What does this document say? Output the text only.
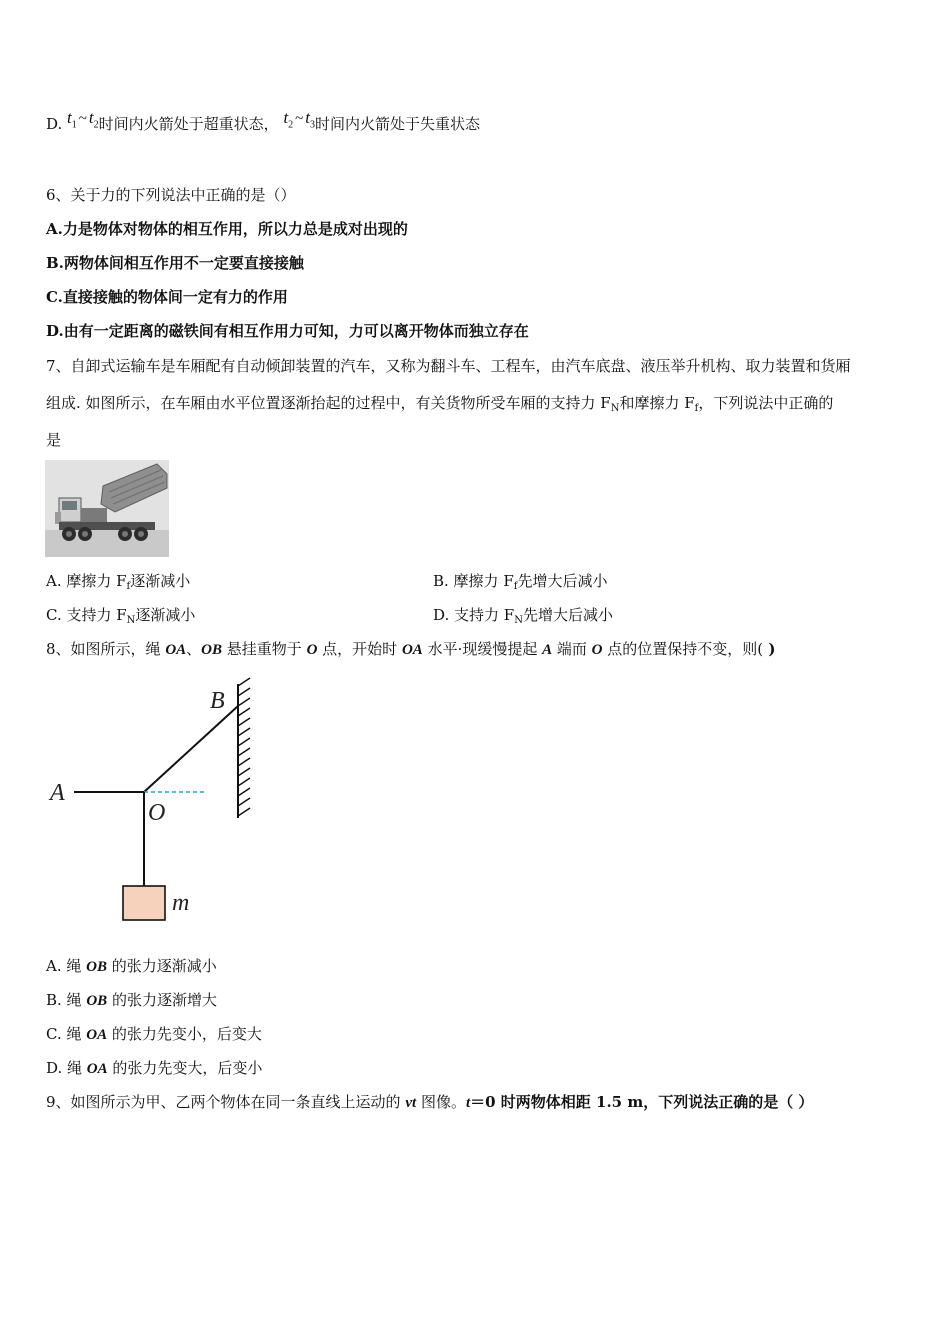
D. $t_1$ ~ $t_2$时间内火箭处于超重状态， $t_2$ ~ $t_3$时间内火箭处于失重状态
6、关于力的下列说法中正确的是（）
A.力是物体对物体的相互作用，所以力总是成对出现的
B.两物体间相互作用不一定要直接接触
C.直接接触的物体间一定有力的作用
D.由有一定距离的磁铁间有相互作用力可知，力可以离开物体而独立存在
7、自卸式运输车是车厢配有自动倾卸装置的汽车，又称为翻斗车、工程车，由汽车底盘、液压举升机构、取力装置和货厢
组成. 如图所示，在车厢由水平位置逐渐抬起的过程中，有关货物所受车厢的支持力 $F_N$和摩擦力 $F_f$，下列说法中正确的
是
A. 摩擦力 $F_f$逐渐减小	B. 摩擦力 $F_f$先增大后减小
C. 支持力 $F_N$逐渐减小	D. 支持力 $F_N$先增大后减小
8、如图所示，绳 OA、OB 悬挂重物于 O 点，开始时 OA 水平·现缓慢提起 A 端而 O 点的位置保持不变，则( )
A
B
O
m
A. 绳 OB 的张力逐渐减小
B. 绳 OB 的张力逐渐增大
C. 绳 OA 的张力先变小，后变大
D. 绳 OA 的张力先变大，后变小
9、如图所示为甲、乙两个物体在同一条直线上运动的 vt 图像。t＝0 时两物体相距 1.5 m，下列说法正确的是（ ）
